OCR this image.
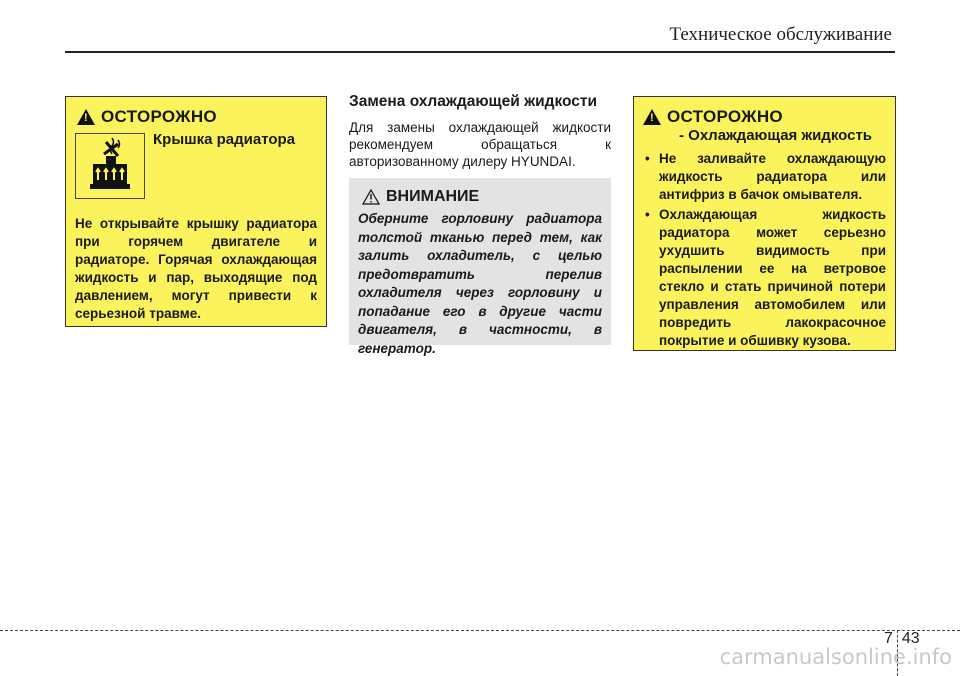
Техническое обслуживание
!
ОСТОРОЖНО
Крышка радиатора
Не открывайте крышку радиатора при горячем двигателе и радиаторе. Горячая охлаждающая жидкость и пар, выходящие под давлением, могут привести к серьезной травме.
Замена охлаждающей жидкости
Для замены охлаждающей жидкости рекомендуем обращаться к авторизованному дилеру HYUNDAI.
ВНИМАНИЕ
Оберните горловину радиатора толстой тканью перед тем, как залить охладитель, с целью предотвратить перелив охладителя через горловину и попадание его в другие части двигателя, в частности, в генератор.
!
ОСТОРОЖНО
- Охлаждающая жидкость
• Не заливайте охлаждающую жидкость радиатора или антифриз в бачок омывателя.
• Охлаждающая жидкость радиатора может серьезно ухудшить видимость при распылении ее на ветровое стекло и стать причиной потери управления автомобилем или повредить лакокрасочное покрытие и обшивку кузова.
7 43
carmanualsonline.info
